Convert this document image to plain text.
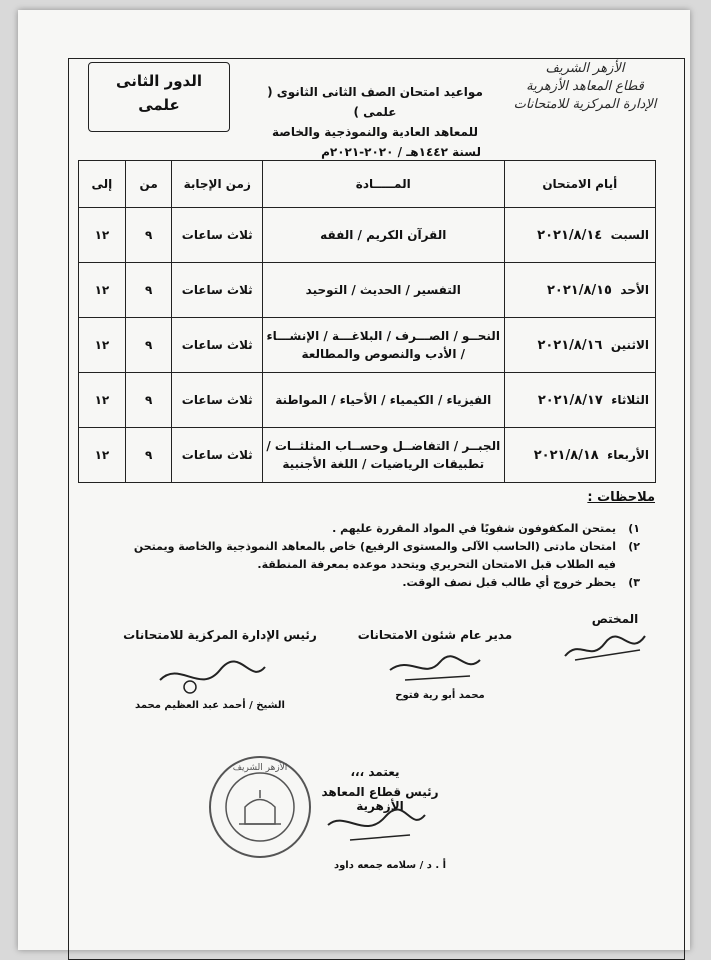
الدور الثانى
علمى
مواعيد امتحان الصف الثانى الثانوى ( علمى )
للمعاهد العادية والنموذجية والخاصة
لسنة ١٤٤٢هـ / ٢٠٢٠-٢٠٢١م
الأزهر الشريف
قطاع المعاهد الأزهرية
الإدارة المركزية للامتحانات
أيام الامتحان	المـــــادة	زمن الإجابة	من	إلى
السبت  ٢٠٢١/٨/١٤	القرآن الكريم / الفقه	ثلاث ساعات	٩	١٢
الأحد  ٢٠٢١/٨/١٥	التفسير / الحديث / التوحيد	ثلاث ساعات	٩	١٢
الاثنين  ٢٠٢١/٨/١٦	النحــو / الصـــرف / البلاغـــة / الإنشـــاء / الأدب والنصوص والمطالعة	ثلاث ساعات	٩	١٢
الثلاثاء  ٢٠٢١/٨/١٧	الفيزياء / الكيمياء / الأحياء / المواطنة	ثلاث ساعات	٩	١٢
الأربعاء  ٢٠٢١/٨/١٨	الجبــر / التفاضــل وحســاب المثلثــات / تطبيقات الرياضيات / اللغة الأجنبية	ثلاث ساعات	٩	١٢
ملاحظات :
١)
يمتحن المكفوفون شفويًا في المواد المقررة عليهم .
٢)
امتحان مادتى (الحاسب الآلى والمستوى الرفيع) خاص بالمعاهد النموذجية والخاصة ويمتحن فيه الطلاب قبل الامتحان التحريري ويتحدد موعده بمعرفة المنطقة.
٣)
يحظر خروج أي طالب قبل نصف الوقت.
المختص
مدير عام شئون الامتحانات
محمد أبو رية فتوح
رئيس الإدارة المركزية للامتحانات
الشيخ / أحمد عبد العظيم محمد
يعتمد ،،،
رئيس قطاع المعاهد الأزهرية
أ . د / سلامه جمعه داود
الأزهر الشريف
